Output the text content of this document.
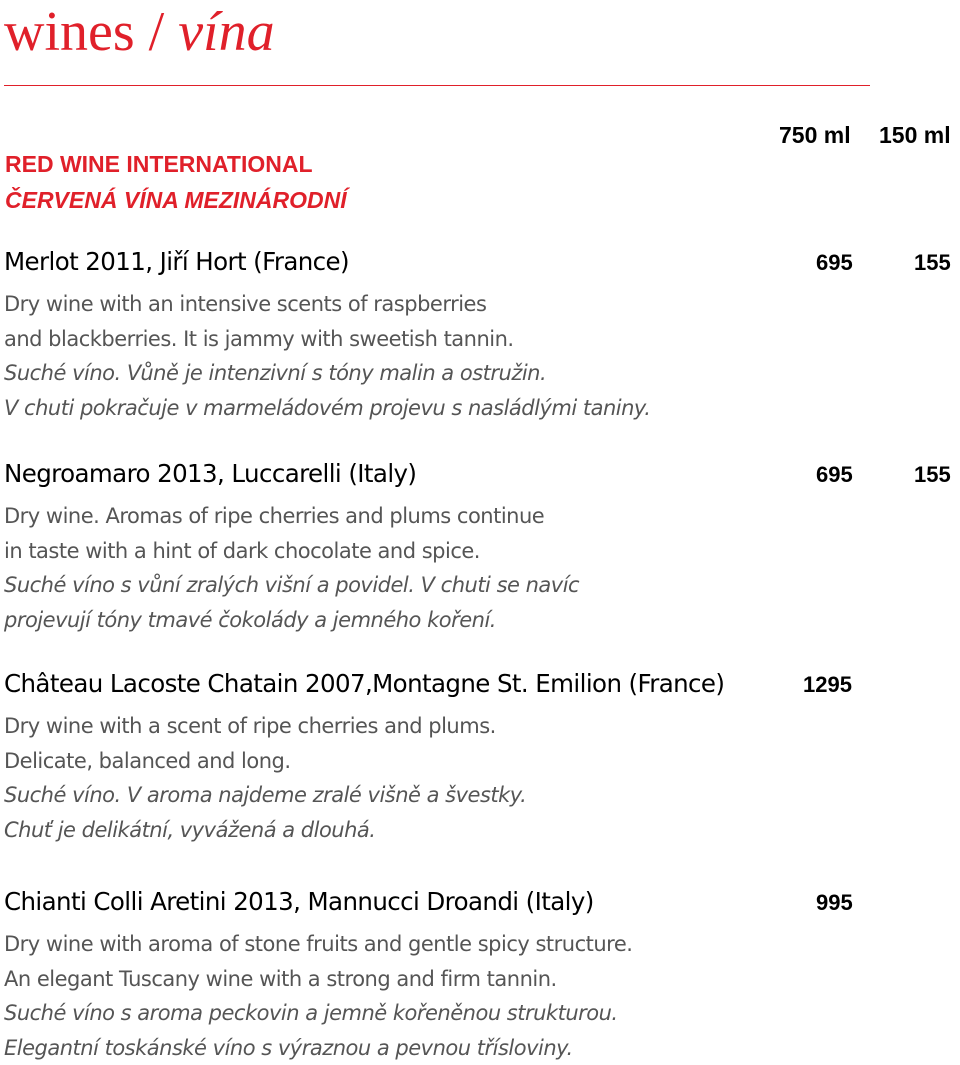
wines / vína
750 ml 150 ml
RED WINE INTERNATIONAL
ČERVENÁ VÍNA MEZINÁRODNÍ
Merlot 2011, Jiří Hort (France)	695	155
Dry wine with an intensive scents of raspberries
and blackberries. It is jammy with sweetish tannin.
Suché víno. Vůně je intenzivní s tóny malin a ostružin.
V chuti pokračuje v marmeládovém projevu s nasládlými taniny.
Negroamaro 2013, Luccarelli (Italy)	695	155
Dry wine. Aromas of ripe cherries and plums continue
in taste with a hint of dark chocolate and spice.
Suché víno s vůní zralých višní a povidel. V chuti se navíc
projevují tóny tmavé čokolády a jemného koření.
Château Lacoste Chatain 2007,Montagne St. Emilion (France)	1295
Dry wine with a scent of ripe cherries and plums.
Delicate, balanced and long.
Suché víno. V aroma najdeme zralé višně a švestky.
Chuť je delikátní, vyvážená a dlouhá.
Chianti Colli Aretini 2013, Mannucci Droandi (Italy)	995
Dry wine with aroma of stone fruits and gentle spicy structure.
An elegant Tuscany wine with a strong and firm tannin.
Suché víno s aroma peckovin a jemně kořeněnou strukturou.
Elegantní toskánské víno s výraznou a pevnou třísloviny.
